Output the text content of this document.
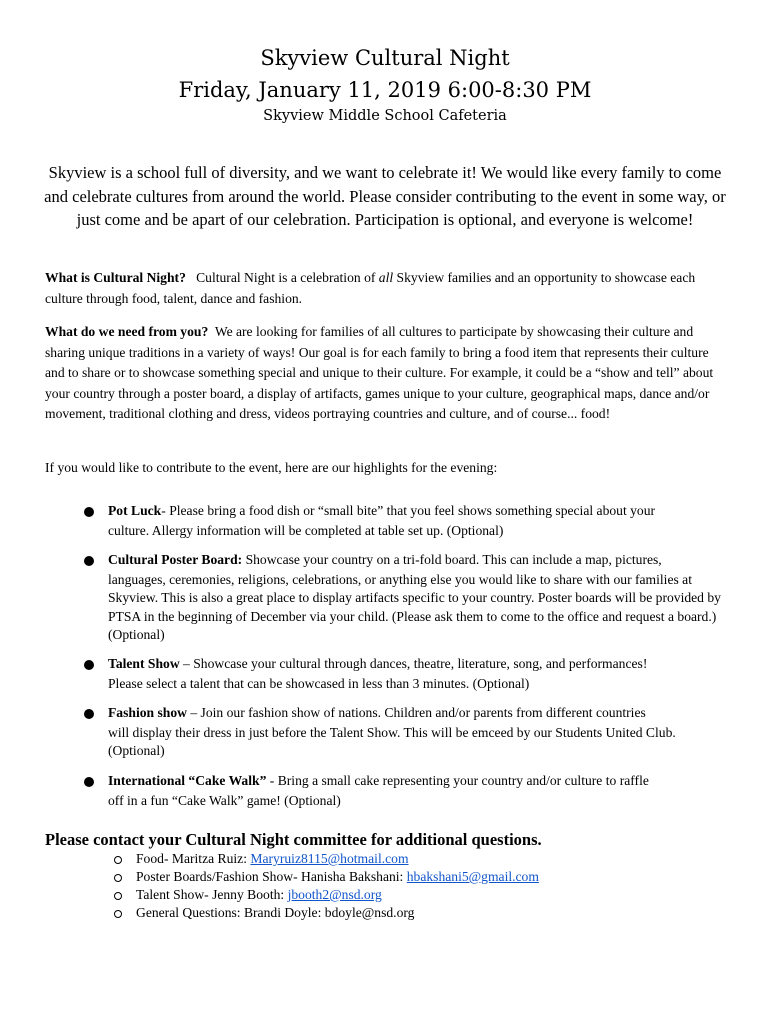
Skyview Cultural Night
Friday, January 11, 2019 6:00-8:30 PM
Skyview Middle School Cafeteria
Skyview is a school full of diversity, and we want to celebrate it! We would like every family to come and celebrate cultures from around the world. Please consider contributing to the event in some way, or just come and be apart of our celebration. Participation is optional, and everyone is welcome!
What is Cultural Night? Cultural Night is a celebration of all Skyview families and an opportunity to showcase each culture through food, talent, dance and fashion.
What do we need from you? We are looking for families of all cultures to participate by showcasing their culture and sharing unique traditions in a variety of ways! Our goal is for each family to bring a food item that represents their culture and to share or to showcase something special and unique to their culture. For example, it could be a “show and tell” about your country through a poster board, a display of artifacts, games unique to your culture, geographical maps, dance and/or movement, traditional clothing and dress, videos portraying countries and culture, and of course... food!
If you would like to contribute to the event, here are our highlights for the evening:
Pot Luck- Please bring a food dish or “small bite” that you feel shows something special about your
culture. Allergy information will be completed at table set up. (Optional)
Cultural Poster Board: Showcase your country on a tri-fold board. This can include a map, pictures,
languages, ceremonies, religions, celebrations, or anything else you would like to share with our families at Skyview. This is also a great place to display artifacts specific to your country. Poster boards will be provided by PTSA in the beginning of December via your child. (Please ask them to come to the office and request a board.) (Optional)
Talent Show – Showcase your cultural through dances, theatre, literature, song, and performances!
Please select a talent that can be showcased in less than 3 minutes. (Optional)
Fashion show – Join our fashion show of nations. Children and/or parents from different countries
will display their dress in just before the Talent Show. This will be emceed by our Students United Club. (Optional)
International “Cake Walk” - Bring a small cake representing your country and/or culture to raffle
off in a fun “Cake Walk” game! (Optional)
Please contact your Cultural Night committee for additional questions.
Food- Maritza Ruiz: Maryruiz8115@hotmail.com
Poster Boards/Fashion Show- Hanisha Bakshani: hbakshani5@gmail.com
Talent Show- Jenny Booth: jbooth2@nsd.org
General Questions: Brandi Doyle: bdoyle@nsd.org
